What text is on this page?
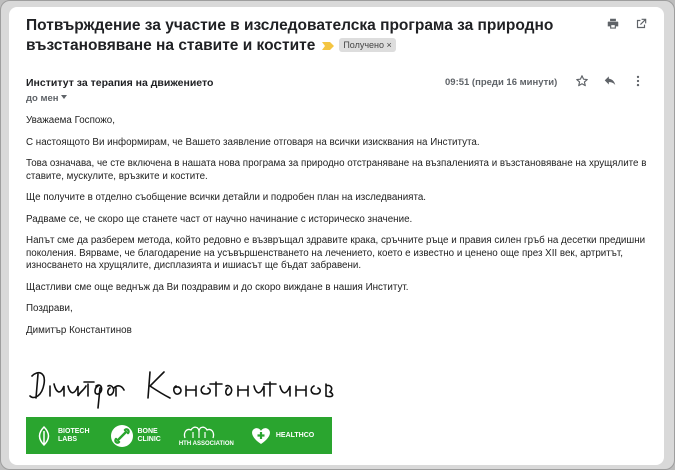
Потвърждение за участие в изследователска програма за природно възстановяване на ставите и костите	Получено ×
Институт за терапия на движението
до мен
09:51 (преди 16 минути)

Уважаема Госпожо,

С настоящото Ви информирам, че Вашето заявление отговаря на всички изисквания на Института.

Това означава, че сте включена в нашата нова програма за природно отстраняване на възпаленията и възстановяване на хрущялите в ставите, мускулите, връзките и костите.

Ще получите в отделно съобщение всички детайли и подробен план на изследванията.

Радваме се, че скоро ще станете част от научно начинание с историческо значение.

Напът сме да разберем метода, който редовно е възвръщал здравите крака, сръчните ръце и правия силен гръб на десетки предишни поколения. Вярваме, че благодарение на усъвършенстването на лечението, което е известно и ценено още през XII век, артритът, износването на хрущялите, дисплазията и ишиасът ще бъдат забравени.

Щастливи сме още веднъж да Ви поздравим и до скоро виждане в нашия Институт.

Поздрави,

Димитър Константинов

BIOTECH
LABS
BONE
CLINIC
HTH ASSOCIATION
HEALTHCO
